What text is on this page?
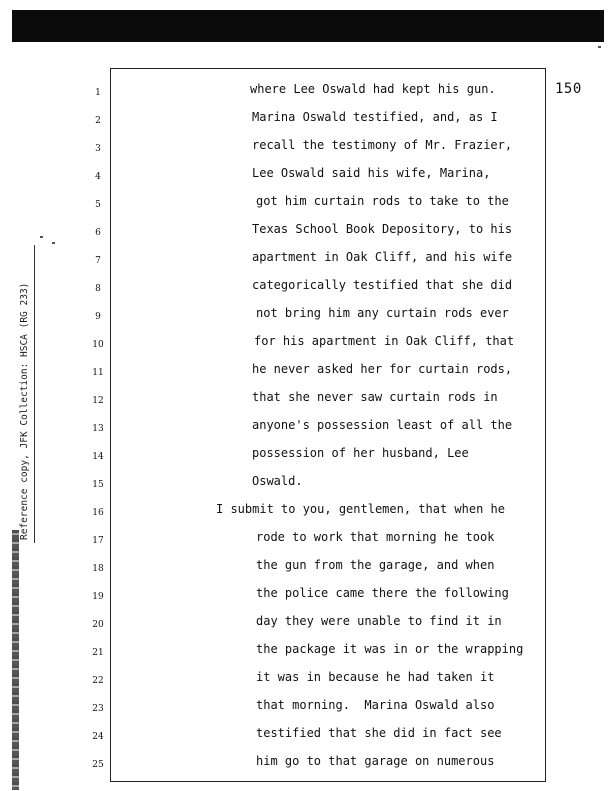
150
Reference copy, JFK Collection: HSCA (RG 233)
1
2
3
4
5
6
7
8
9
10
11
12
13
14
15
16
17
18
19
20
21
22
23
24
25
where Lee Oswald had kept his gun.
Marina Oswald testified, and, as I
recall the testimony of Mr. Frazier,
Lee Oswald said his wife, Marina,
got him curtain rods to take to the
Texas School Book Depository, to his
apartment in Oak Cliff, and his wife
categorically testified that she did
not bring him any curtain rods ever
for his apartment in Oak Cliff, that
he never asked her for curtain rods,
that she never saw curtain rods in
anyone's possession least of all the
possession of her husband, Lee
Oswald.
I submit to you, gentlemen, that when he
rode to work that morning he took
the gun from the garage, and when
the police came there the following
day they were unable to find it in
the package it was in or the wrapping
it was in because he had taken it
that morning.  Marina Oswald also
testified that she did in fact see
him go to that garage on numerous
